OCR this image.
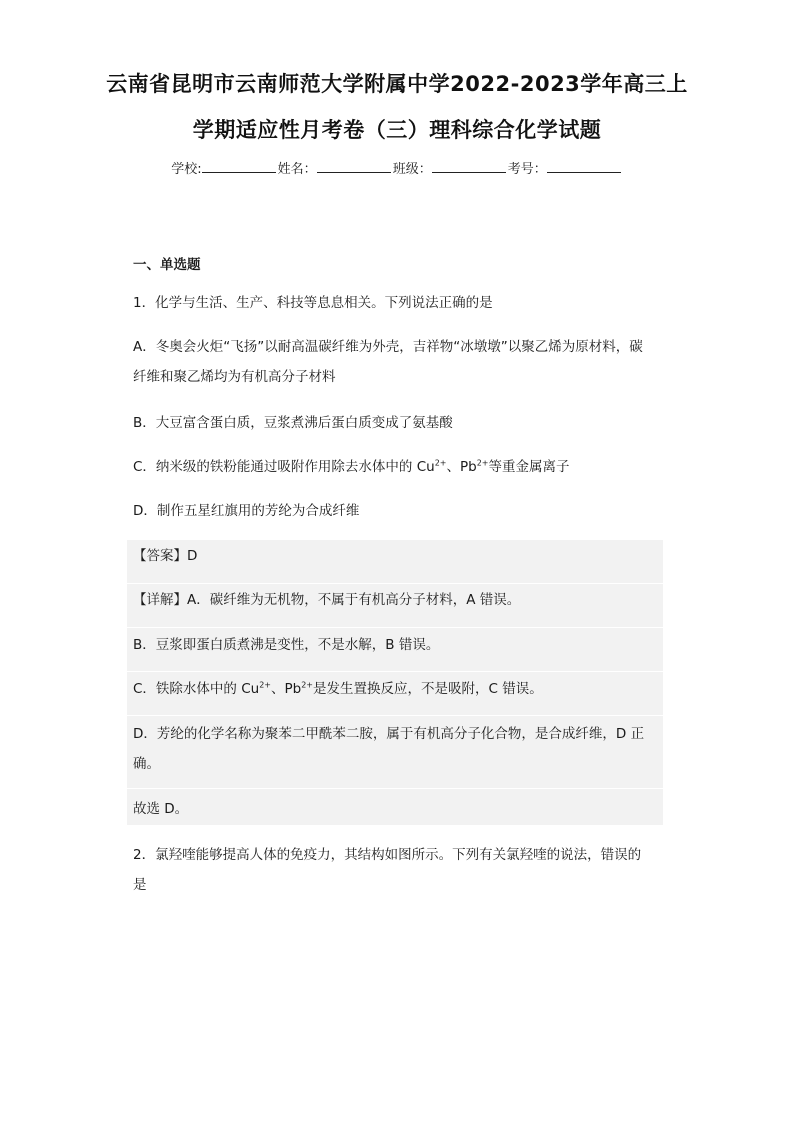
云南省昆明市云南师范大学附属中学2022-2023学年高三上
学期适应性月考卷（三）理科综合化学试题
学校:	姓名：	班级：	考号：
一、单选题
1．化学与生活、生产、科技等息息相关。下列说法正确的是
A．冬奥会火炬“飞扬”以耐高温碳纤维为外壳，吉祥物“冰墩墩”以聚乙烯为原材料，碳
纤维和聚乙烯均为有机高分子材料
B．大豆富含蛋白质，豆浆煮沸后蛋白质变成了氨基酸
C．纳米级的铁粉能通过吸附作用除去水体中的 $Cu^{2+}$、$Pb^{2+}$等重金属离子
D．制作五星红旗用的芳纶为合成纤维
【答案】D
【详解】A．碳纤维为无机物，不属于有机高分子材料，A 错误。
B．豆浆即蛋白质煮沸是变性，不是水解，B 错误。
C．铁除水体中的 $Cu^{2+}$、$Pb^{2+}$是发生置换反应，不是吸附，C 错误。
D．芳纶的化学名称为聚苯二甲酰苯二胺，属于有机高分子化合物，是合成纤维，D 正
确。
故选 D。
2．氯羟喹能够提高人体的免疫力，其结构如图所示。下列有关氯羟喹的说法，错误的
是
